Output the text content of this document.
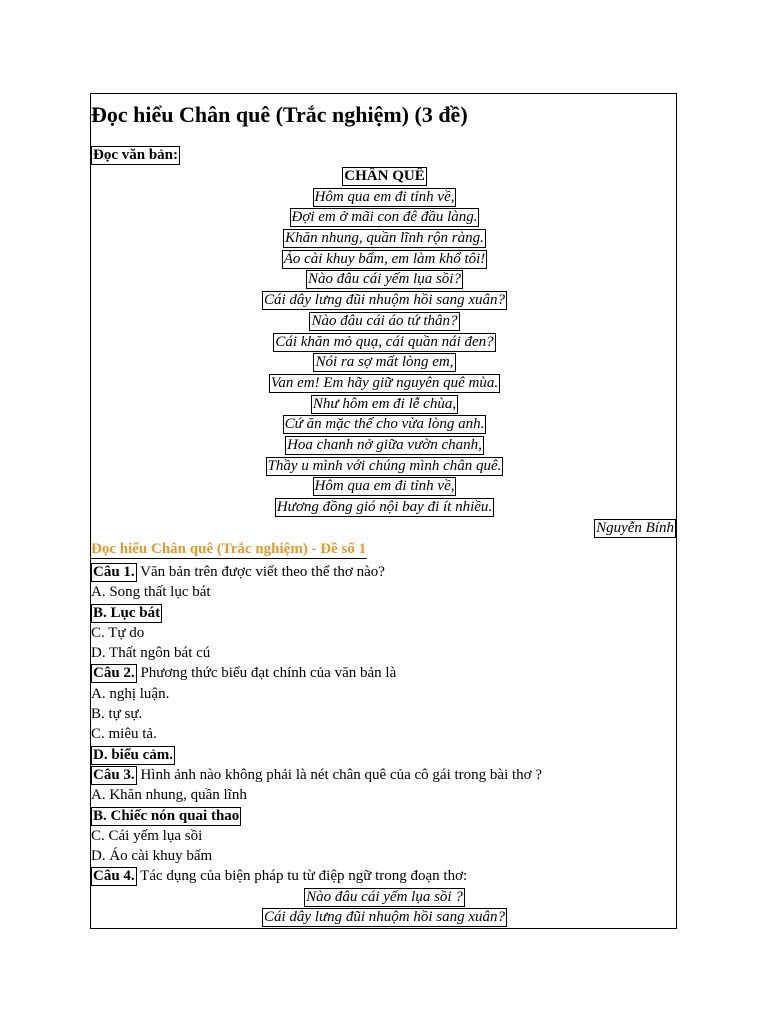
Đọc hiểu Chân quê (Trắc nghiệm) (3 đề)
Đọc văn bản:
CHÂN QUÊ
Hôm qua em đi tỉnh về,
Đợi em ở mãi con đê đầu làng.
Khăn nhung, quần lĩnh rộn ràng.
Áo cài khuy bấm, em làm khổ tôi!
Nào đâu cái yếm lụa sồi?
Cái dây lưng đũi nhuộm hồi sang xuân?
Nào đâu cái áo tứ thân?
Cái khăn mỏ quạ, cái quần nái đen?
Nói ra sợ mất lòng em,
Van em! Em hãy giữ nguyên quê mùa.
Như hôm em đi lễ chùa,
Cứ ăn mặc thế cho vừa lòng anh.
Hoa chanh nở giữa vườn chanh,
Thầy u mình với chúng mình chân quê.
Hôm qua em đi tỉnh về,
Hương đồng gió nội bay đi ít nhiều.
Nguyễn Bính
Đọc hiểu Chân quê (Trắc nghiệm) - Đề số 1
Câu 1. Văn bản trên được viết theo thể thơ nào?
A. Song thất lục bát
B. Lục bát
C. Tự do
D. Thất ngôn bát cú
Câu 2. Phương thức biểu đạt chính của văn bản là
A. nghị luận.
B. tự sự.
C. miêu tả.
D. biểu cảm.
Câu 3. Hình ảnh nào không phải là nét chân quê của cô gái trong bài thơ ?
A. Khăn nhung, quần lĩnh
B. Chiếc nón quai thao
C. Cái yếm lụa sồi
D. Áo cài khuy bấm
Câu 4. Tác dụng của biện pháp tu từ điệp ngữ trong đoạn thơ:
Nào đâu cái yếm lụa sồi ?
Cái dây lưng đũi nhuộm hồi sang xuân?
